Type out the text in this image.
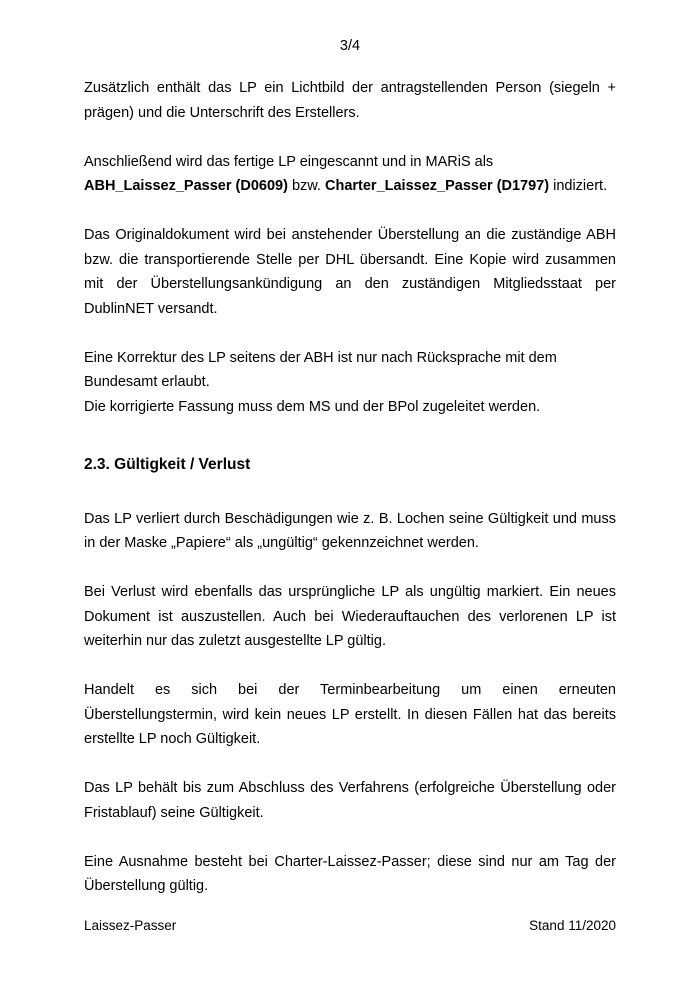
3/4

Zusätzlich enthält das LP ein Lichtbild der antragstellenden Person (siegeln + prägen) und die Unterschrift des Erstellers.

Anschließend wird das fertige LP eingescannt und in MARiS als
ABH_Laissez_Passer (D0609) bzw. Charter_Laissez_Passer (D1797) indiziert.

Das Originaldokument wird bei anstehender Überstellung an die zuständige ABH bzw. die transportierende Stelle per DHL übersandt. Eine Kopie wird zusammen mit der Überstellungsankündigung an den zuständigen Mitgliedsstaat per DublinNET versandt.

Eine Korrektur des LP seitens der ABH ist nur nach Rücksprache mit dem Bundesamt erlaubt.

Die korrigierte Fassung muss dem MS und der BPol zugeleitet werden.

2.3. Gültigkeit / Verlust

Das LP verliert durch Beschädigungen wie z. B. Lochen seine Gültigkeit und muss in der Maske „Papiere“ als „ungültig“ gekennzeichnet werden.

Bei Verlust wird ebenfalls das ursprüngliche LP als ungültig markiert. Ein neues Dokument ist auszustellen. Auch bei Wiederauftauchen des verlorenen LP ist weiterhin nur das zuletzt ausgestellte LP gültig.

Handelt es sich bei der Terminbearbeitung um einen erneuten Überstellungstermin, wird kein neues LP erstellt. In diesen Fällen hat das bereits erstellte LP noch Gültigkeit.

Das LP behält bis zum Abschluss des Verfahrens (erfolgreiche Überstellung oder Fristablauf) seine Gültigkeit.

Eine Ausnahme besteht bei Charter-Laissez-Passer; diese sind nur am Tag der Überstellung gültig.

Laissez-Passer	Stand 11/2020
